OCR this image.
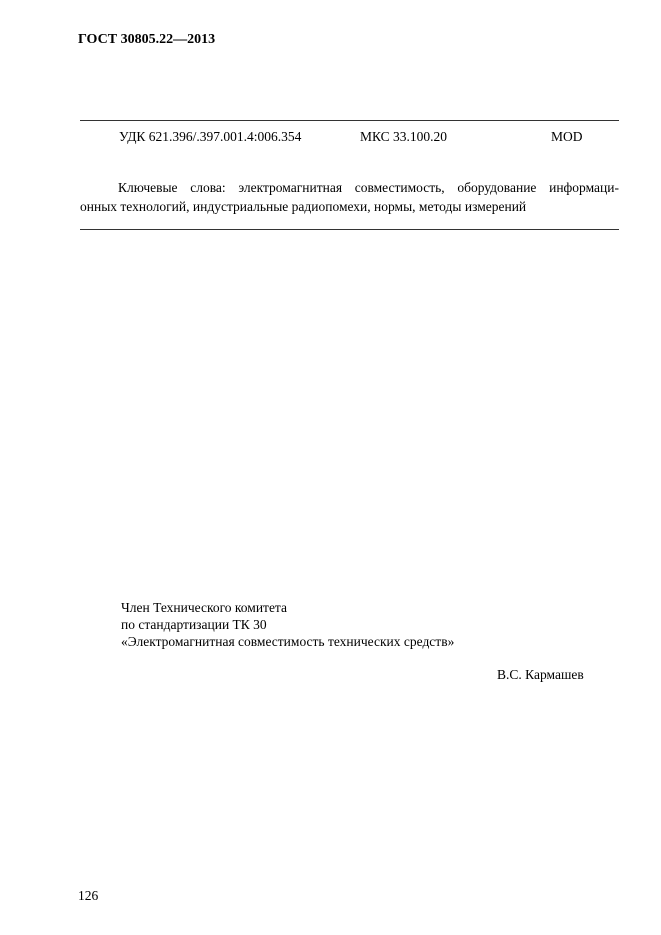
ГОСТ 30805.22—2013
УДК 621.396/.397.001.4:006.354	МКС 33.100.20	MOD
Ключевые слова: электромагнитная совместимость, оборудование информаци-
онных технологий, индустриальные радиопомехи, нормы, методы измерений
Член Технического комитета
по стандартизации ТК 30
«Электромагнитная совместимость технических средств»
В.С. Кармашев
126
